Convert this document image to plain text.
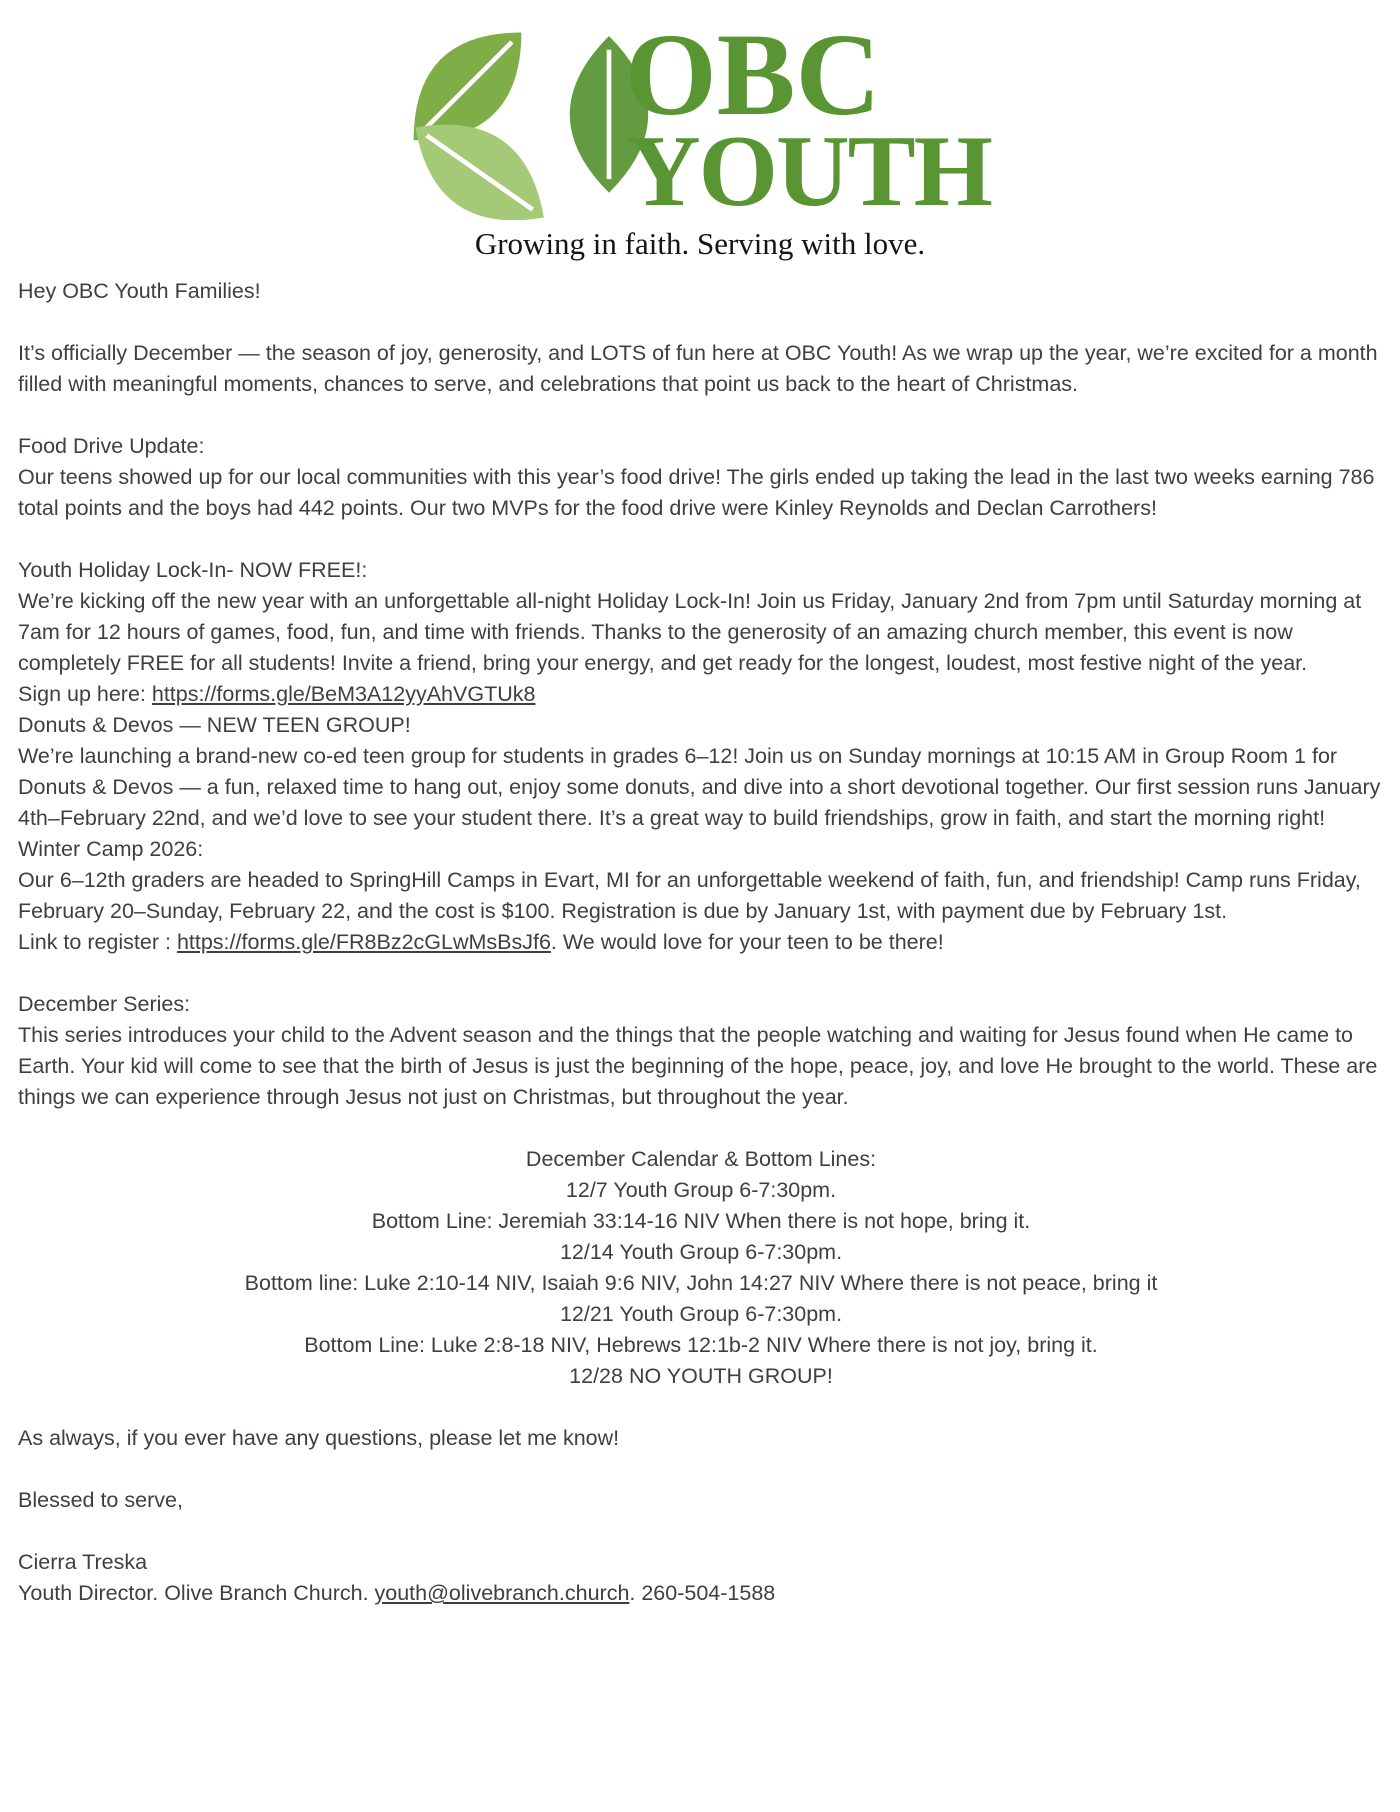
OBC
YOUTH
Growing in faith. Serving with love.
Hey OBC Youth Families!
It’s officially December — the season of joy, generosity, and LOTS of fun here at OBC Youth! As we wrap up the year, we’re excited for a month filled with meaningful moments, chances to serve, and celebrations that point us back to the heart of Christmas.
Food Drive Update:
Our teens showed up for our local communities with this year’s food drive! The girls ended up taking the lead in the last two weeks earning 786 total points and the boys had 442 points. Our two MVPs for the food drive were Kinley Reynolds and Declan Carrothers!
Youth Holiday Lock-In- NOW FREE!:
We’re kicking off the new year with an unforgettable all-night Holiday Lock-In! Join us Friday, January 2nd from 7pm until Saturday morning at 7am for 12 hours of games, food, fun, and time with friends. Thanks to the generosity of an amazing church member, this event is now completely FREE for all students! Invite a friend, bring your energy, and get ready for the longest, loudest, most festive night of the year.
Sign up here: https://forms.gle/BeM3A12yyAhVGTUk8
Donuts & Devos — NEW TEEN GROUP!
We’re launching a brand-new co-ed teen group for students in grades 6–12! Join us on Sunday mornings at 10:15 AM in Group Room 1 for Donuts & Devos — a fun, relaxed time to hang out, enjoy some donuts, and dive into a short devotional together. Our first session runs January 4th–February 22nd, and we’d love to see your student there. It’s a great way to build friendships, grow in faith, and start the morning right!
Winter Camp 2026:
Our 6–12th graders are headed to SpringHill Camps in Evart, MI for an unforgettable weekend of faith, fun, and friendship! Camp runs Friday, February 20–Sunday, February 22, and the cost is $100. Registration is due by January 1st, with payment due by February 1st.
Link to register : https://forms.gle/FR8Bz2cGLwMsBsJf6. We would love for your teen to be there!
December Series:
This series introduces your child to the Advent season and the things that the people watching and waiting for Jesus found when He came to Earth. Your kid will come to see that the birth of Jesus is just the beginning of the hope, peace, joy, and love He brought to the world. These are things we can experience through Jesus not just on Christmas, but throughout the year.
December Calendar & Bottom Lines:
12/7 Youth Group 6-7:30pm.
Bottom Line: Jeremiah 33:14-16 NIV When there is not hope, bring it.
12/14 Youth Group 6-7:30pm.
Bottom line: Luke 2:10-14 NIV, Isaiah 9:6 NIV, John 14:27 NIV Where there is not peace, bring it
12/21 Youth Group 6-7:30pm.
Bottom Line: Luke 2:8-18 NIV, Hebrews 12:1b-2 NIV Where there is not joy, bring it.
12/28 NO YOUTH GROUP!
As always, if you ever have any questions, please let me know!
Blessed to serve,
Cierra Treska
Youth Director. Olive Branch Church. youth@olivebranch.church. 260-504-1588
